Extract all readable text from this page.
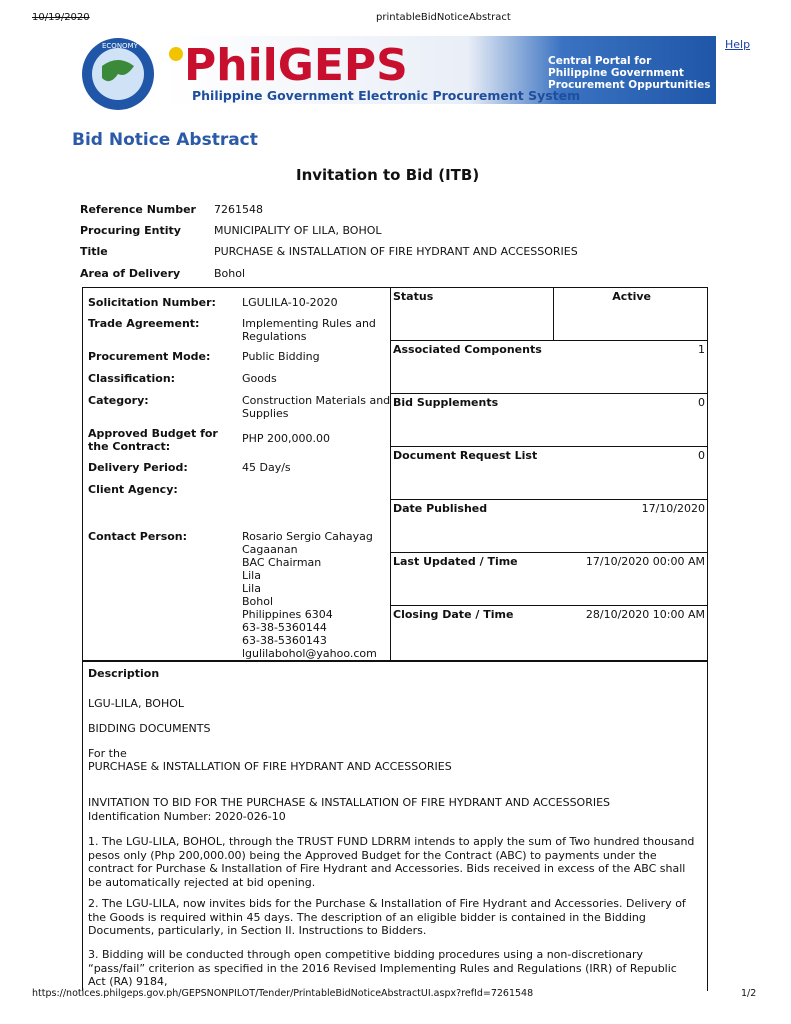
10/19/2020	printableBidNoticeAbstract
Help
ECONOMY PhilGEPS
Philippine Government Electronic Procurement System
Central Portal for
Philippine Government
Procurement Oppurtunities
Bid Notice Abstract
Invitation to Bid (ITB)
Reference Number	7261548
Procuring Entity	MUNICIPALITY OF LILA, BOHOL
Title	PURCHASE & INSTALLATION OF FIRE HYDRANT AND ACCESSORIES
Area of Delivery	Bohol
Solicitation Number:	LGULILA-10-2020
Trade Agreement:	Implementing Rules and Regulations
Procurement Mode:	Public Bidding
Classification:	Goods
Category:	Construction Materials and Supplies
Approved Budget for the Contract:
PHP 200,000.00
Delivery Period:	45 Day/s
Client Agency:
Contact Person:	Rosario Sergio Cahayag
Cagaanan
BAC Chairman
Lila
Lila
Bohol
Philippines 6304
63-38-5360144
63-38-5360143
lgulilabohol@yahoo.com
Status	Active
Associated Components	1
Bid Supplements	0
Document Request List	0
Date Published	17/10/2020
Last Updated / Time	17/10/2020 00:00 AM
Closing Date / Time	28/10/2020 10:00 AM
Description
LGU-LILA, BOHOL
BIDDING DOCUMENTS
For the
PURCHASE & INSTALLATION OF FIRE HYDRANT AND ACCESSORIES
INVITATION TO BID FOR THE PURCHASE & INSTALLATION OF FIRE HYDRANT AND ACCESSORIES
Identification Number: 2020-026-10
1. The LGU-LILA, BOHOL, through the TRUST FUND LDRRM intends to apply the sum of Two hundred thousand pesos only (Php 200,000.00) being the Approved Budget for the Contract (ABC) to payments under the contract for Purchase & Installation of Fire Hydrant and Accessories. Bids received in excess of the ABC shall be automatically rejected at bid opening.
2. The LGU-LILA, now invites bids for the Purchase & Installation of Fire Hydrant and Accessories. Delivery of the Goods is required within 45 days. The description of an eligible bidder is contained in the Bidding Documents, particularly, in Section II. Instructions to Bidders.
3. Bidding will be conducted through open competitive bidding procedures using a non-discretionary “pass/fail” criterion as specified in the 2016 Revised Implementing Rules and Regulations (IRR) of Republic Act (RA) 9184,
https://notices.philgeps.gov.ph/GEPSNONPILOT/Tender/PrintableBidNoticeAbstractUI.aspx?refId=7261548	1/2
